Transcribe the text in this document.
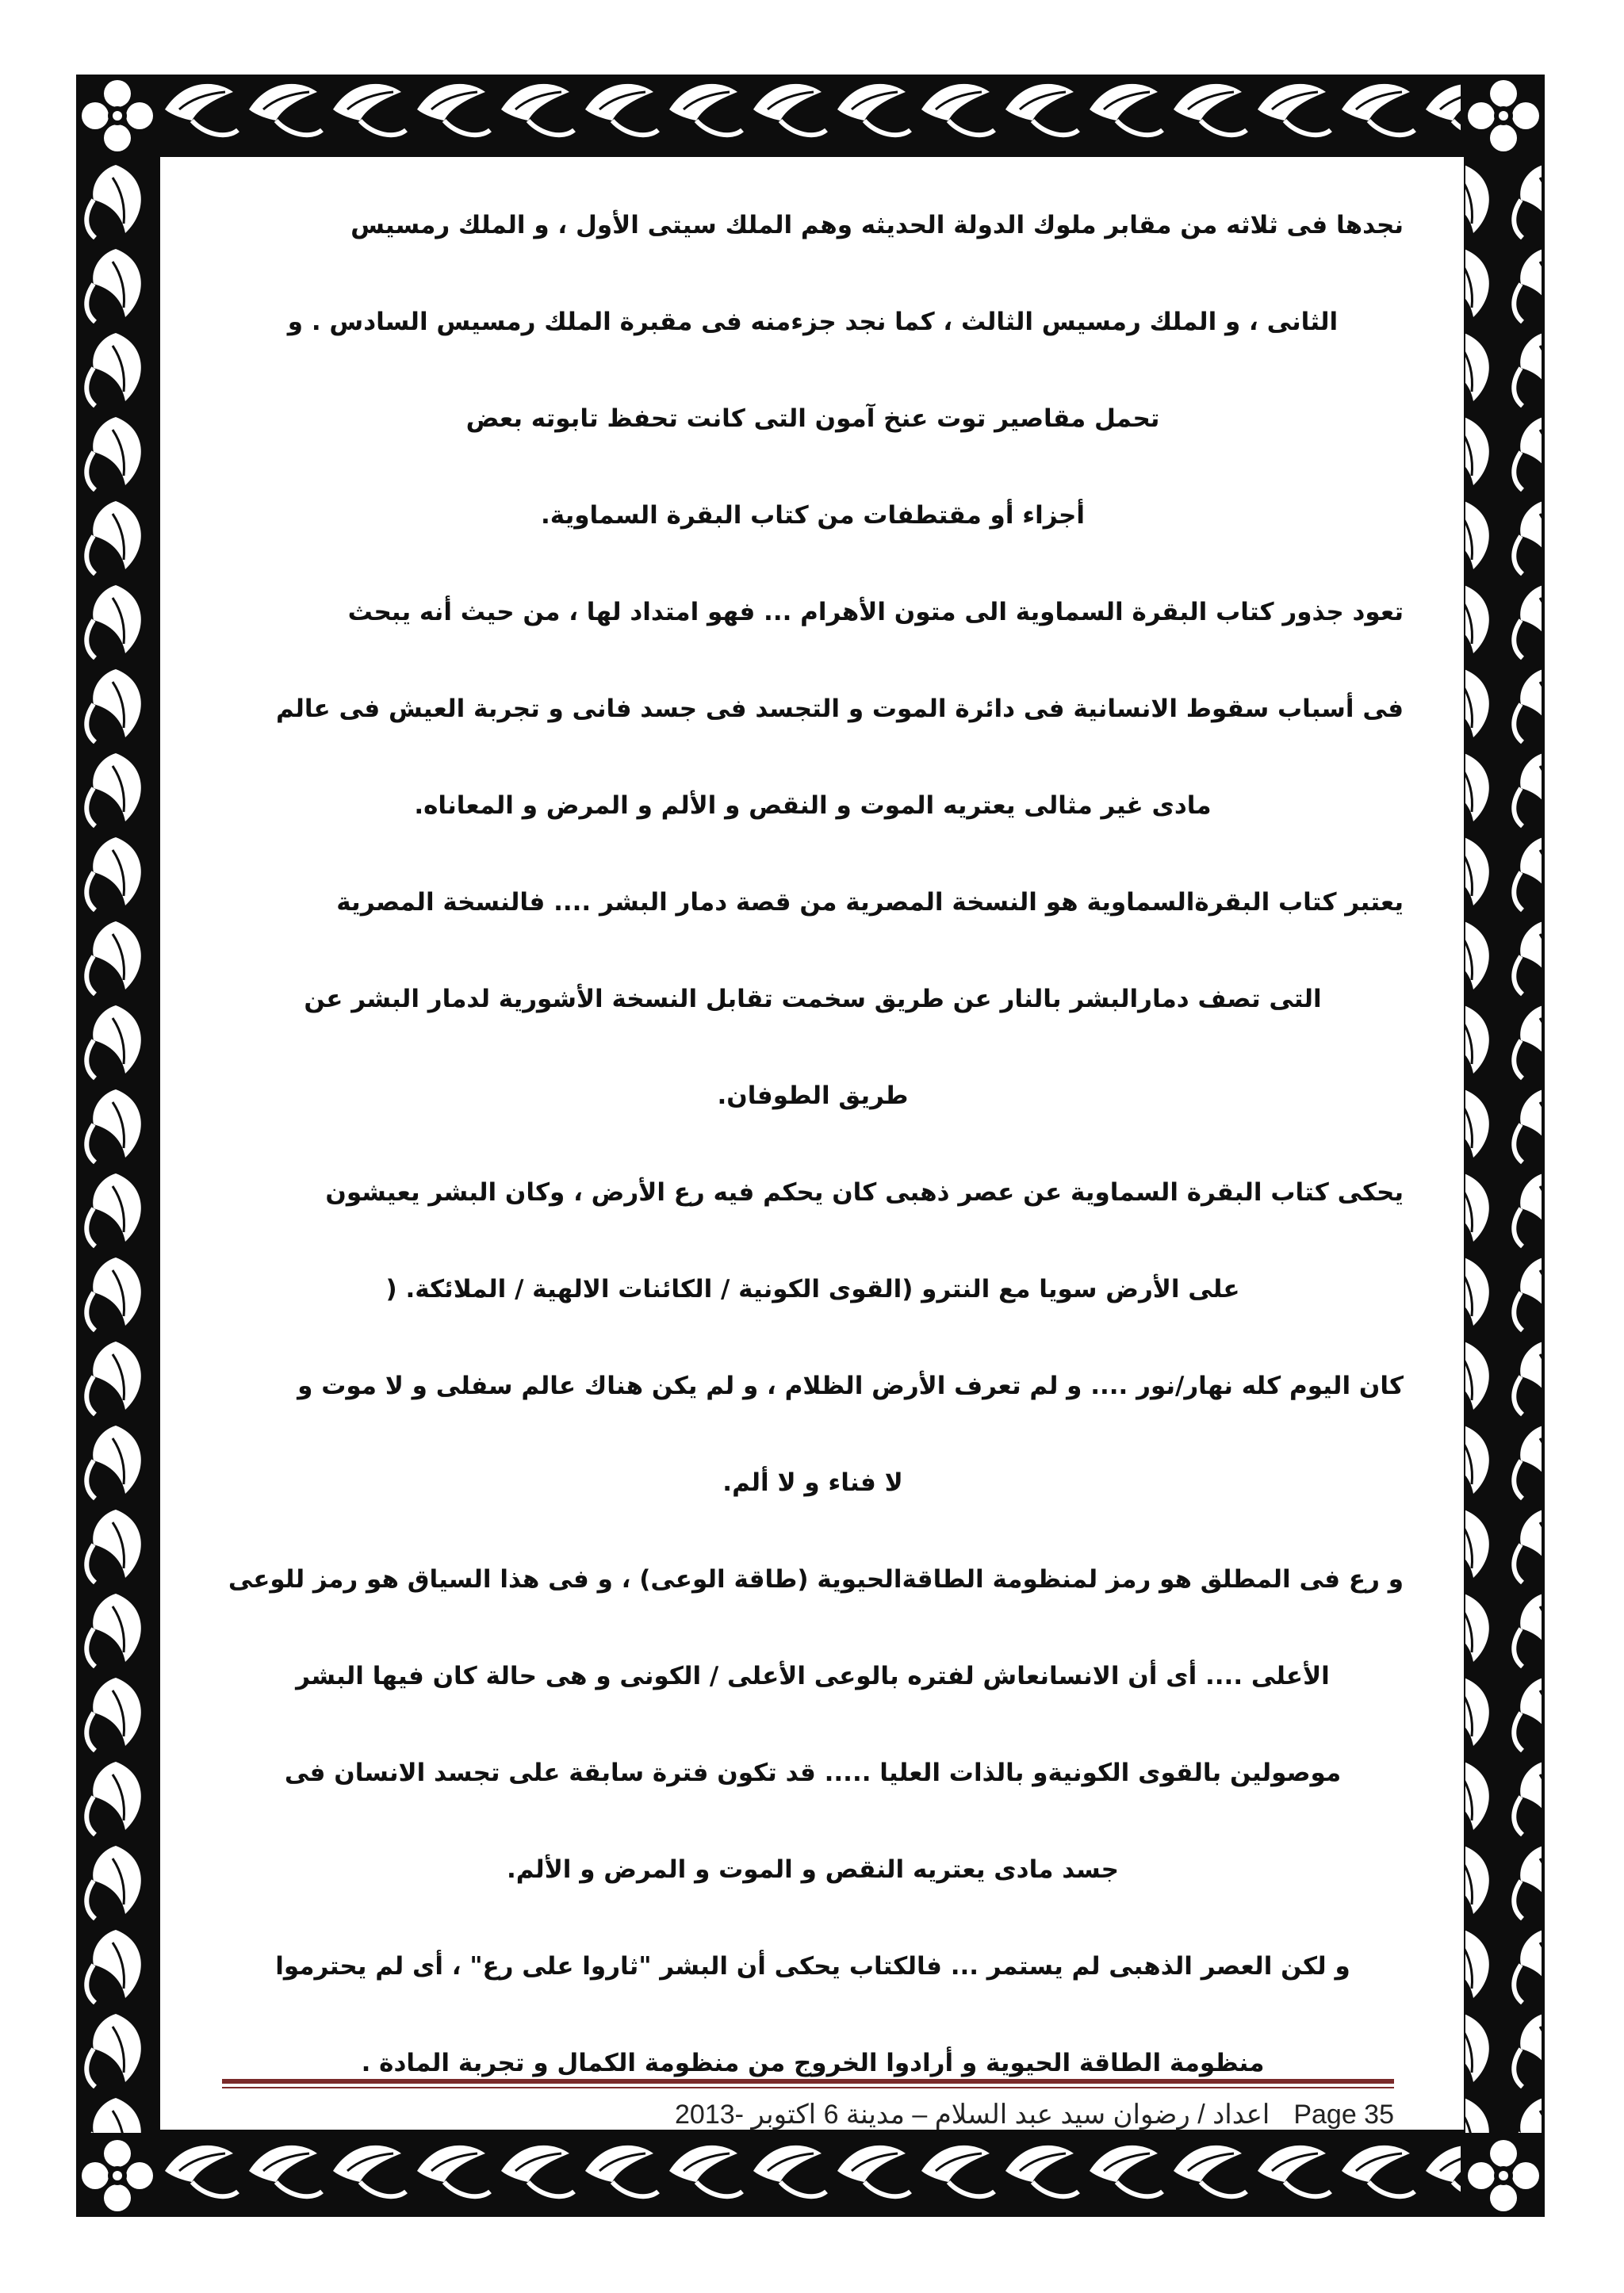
نجدها فى ثلاثه من مقابر ملوك الدولة الحديثه وهم الملك سيتى الأول ، و الملك رمسيس
الثانى ، و الملك رمسيس الثالث ، كما نجد جزءمنه فى مقبرة الملك رمسيس السادس . و
تحمل مقاصير توت عنخ آمون التى كانت تحفظ تابوته بعض
أجزاء أو مقتطفات من كتاب البقرة السماوية.
تعود جذور كتاب البقرة السماوية الى متون الأهرام ... فهو امتداد لها ، من حيث أنه يبحث
فى أسباب سقوط الانسانية فى دائرة الموت و التجسد فى جسد فانى و تجربة العيش فى عالم
مادى غير مثالى يعتريه الموت و النقص و الألم و المرض و المعاناه.
يعتبر كتاب البقرةالسماوية هو النسخة المصرية من قصة دمار البشر .... فالنسخة المصرية
التى تصف دمارالبشر بالنار عن طريق سخمت تقابل النسخة الأشورية لدمار البشر عن
طريق الطوفان.
يحكى كتاب البقرة السماوية عن عصر ذهبى كان يحكم فيه رع الأرض ، وكان البشر يعيشون
على الأرض سويا مع النترو (القوى الكونية / الكائنات الالهية / الملائكة. (
كان اليوم كله نهار/نور .... و لم تعرف الأرض الظلام ، و لم يكن هناك عالم سفلى و لا موت و
لا فناء و لا ألم.
و رع فى المطلق هو رمز لمنظومة الطاقةالحيوية (طاقة الوعى) ، و فى هذا السياق هو رمز للوعى
الأعلى .... أى أن الانسانعاش لفتره بالوعى الأعلى / الكونى و هى حالة كان فيها البشر
موصولين بالقوى الكونيةو بالذات العليا ..... قد تكون فترة سابقة على تجسد الانسان فى
جسد مادى يعتريه النقص و الموت و المرض و الألم.
و لكن العصر الذهبى لم يستمر ... فالكتاب يحكى أن البشر "ثاروا على رع" ، أى لم يحترموا
منظومة الطاقة الحيوية و أرادوا الخروج من منظومة الكمال و تجربة المادة .
اعداد / رضوان سيد عبد السلام – مدينة 6 اكتوبر -2013 Page 35
